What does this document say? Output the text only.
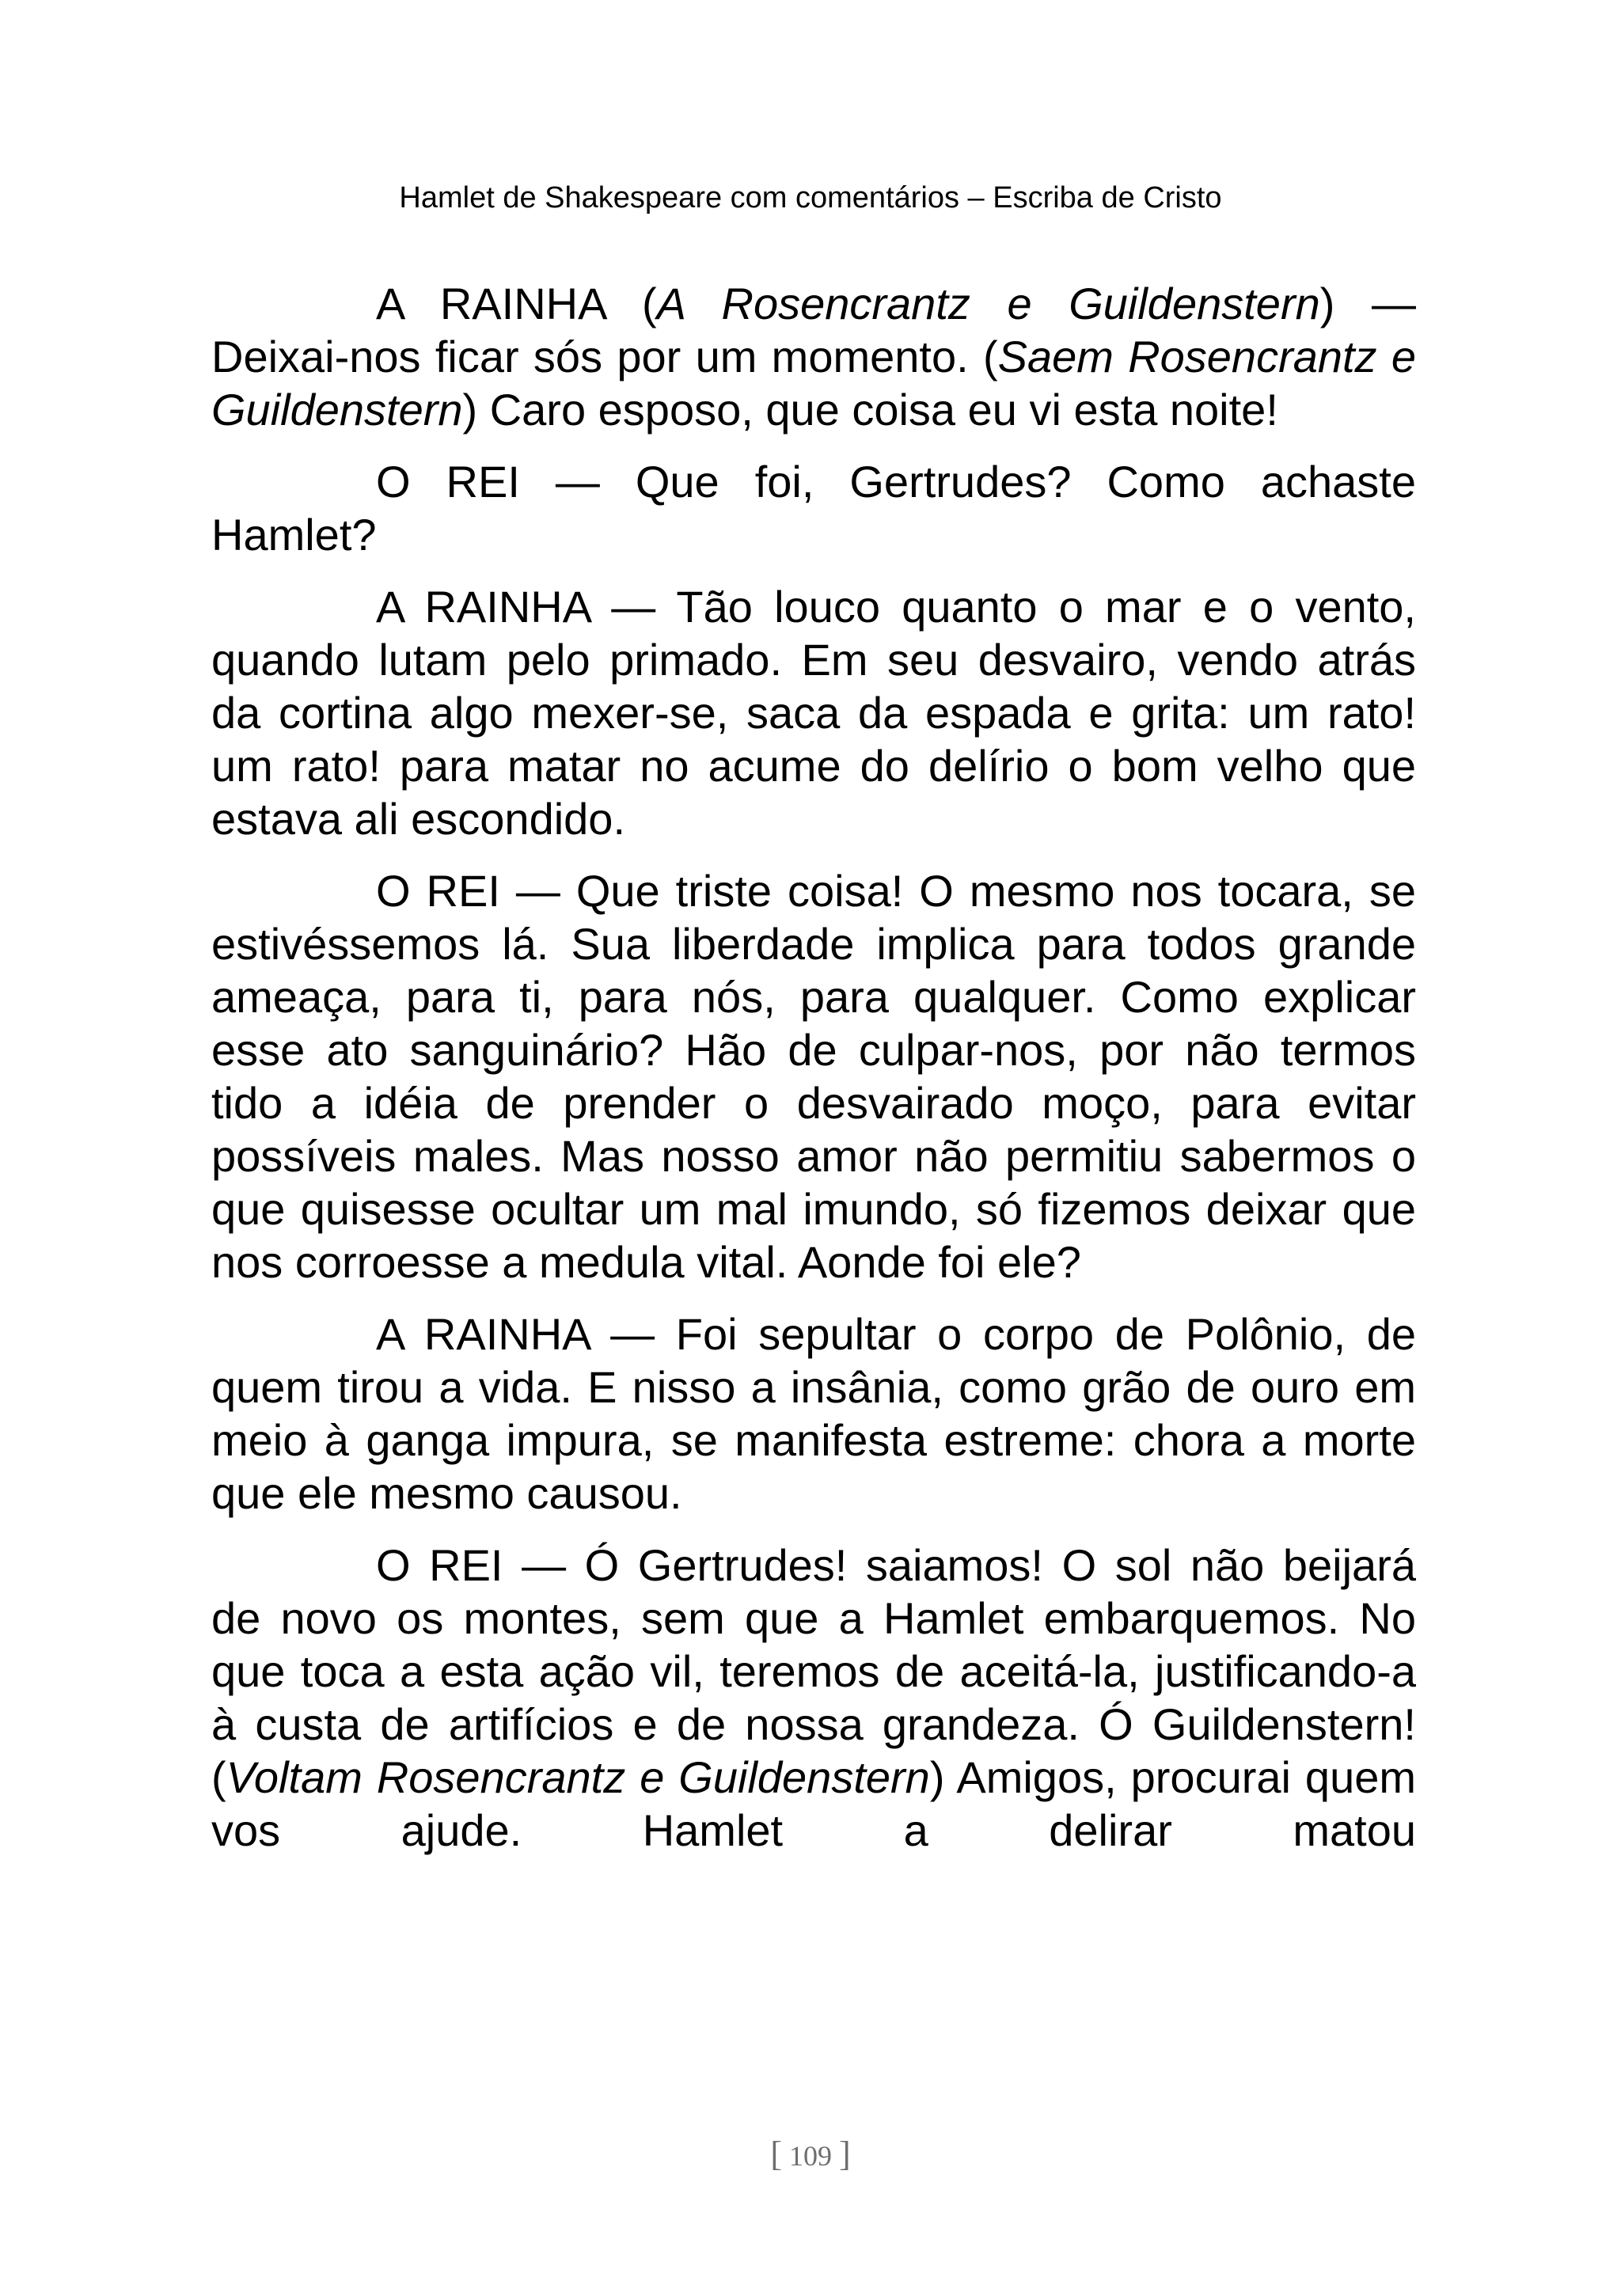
Hamlet de Shakespeare com comentários – Escriba de Cristo

A RAINHA (A Rosencrantz e Guildenstern) — Deixai-nos ficar sós por um momento. (Saem Rosencrantz e Guildenstern) Caro esposo, que coisa eu vi esta noite!

O REI — Que foi, Gertrudes? Como achaste Hamlet?

A RAINHA — Tão louco quanto o mar e o vento, quando lutam pelo primado. Em seu desvairo, vendo atrás da cortina algo mexer-se, saca da espada e grita: um rato! um rato! para matar no acume do delírio o bom velho que estava ali escondido.

O REI — Que triste coisa! O mesmo nos tocara, se estivéssemos lá. Sua liberdade implica para todos grande ameaça, para ti, para nós, para qualquer. Como explicar esse ato sanguinário? Hão de culpar-nos, por não termos tido a idéia de prender o desvairado moço, para evitar possíveis males. Mas nosso amor não permitiu sabermos o que quisesse ocultar um mal imundo, só fizemos deixar que nos corroesse a medula vital. Aonde foi ele?

A RAINHA — Foi sepultar o corpo de Polônio, de quem tirou a vida. E nisso a insânia, como grão de ouro em meio à ganga impura, se manifesta estreme: chora a morte que ele mesmo causou.

O REI — Ó Gertrudes! saiamos! O sol não beijará de novo os montes, sem que a Hamlet embarquemos. No que toca a esta ação vil, teremos de aceitá-la, justificando-a à custa de artifícios e de nossa grandeza. Ó Guildenstern! (Voltam Rosencrantz e Guildenstern) Amigos, procurai quem vos ajude. Hamlet a delirar matou

[ 109 ]
